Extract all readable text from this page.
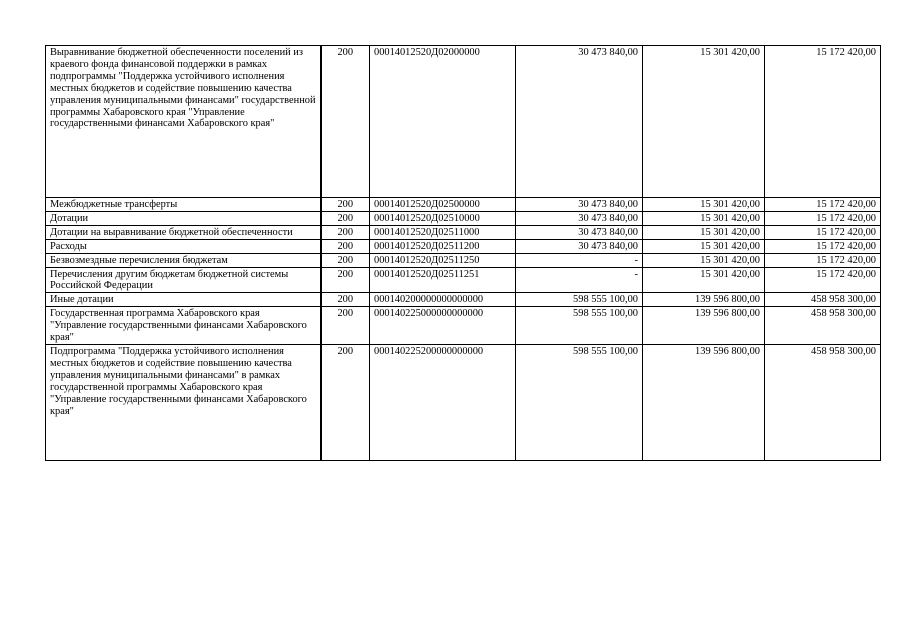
Выравнивание бюджетной обеспеченности поселений из краевого фонда финансовой поддержки в рамках подпрограммы "Поддержка устойчивого исполнения местных бюджетов и содействие повышению качества управления муниципальными финансами" государственной программы Хабаровского края "Управление государственными финансами Хабаровского края"	200	00014012520Д02000000	30 473 840,00	15 301 420,00	15 172 420,00
Межбюджетные трансферты	200	00014012520Д02500000	30 473 840,00	15 301 420,00	15 172 420,00
Дотации	200	00014012520Д02510000	30 473 840,00	15 301 420,00	15 172 420,00
Дотации на выравнивание бюджетной обеспеченности	200	00014012520Д02511000	30 473 840,00	15 301 420,00	15 172 420,00
Расходы	200	00014012520Д02511200	30 473 840,00	15 301 420,00	15 172 420,00
Безвозмездные перечисления бюджетам	200	00014012520Д02511250	-	15 301 420,00	15 172 420,00
Перечисления другим бюджетам бюджетной системы Российской Федерации	200	00014012520Д02511251	-	15 301 420,00	15 172 420,00
Иные дотации	200	000140200000000000000	598 555 100,00	139 596 800,00	458 958 300,00
Государственная программа Хабаровского края "Управление государственными финансами Хабаровского края"	200	000140225000000000000	598 555 100,00	139 596 800,00	458 958 300,00
Подпрограмма "Поддержка устойчивого исполнения местных бюджетов и содействие повышению качества управления муниципальными финансами" в рамках государственной программы Хабаровского края "Управление государственными финансами Хабаровского края"	200	000140225200000000000	598 555 100,00	139 596 800,00	458 958 300,00
